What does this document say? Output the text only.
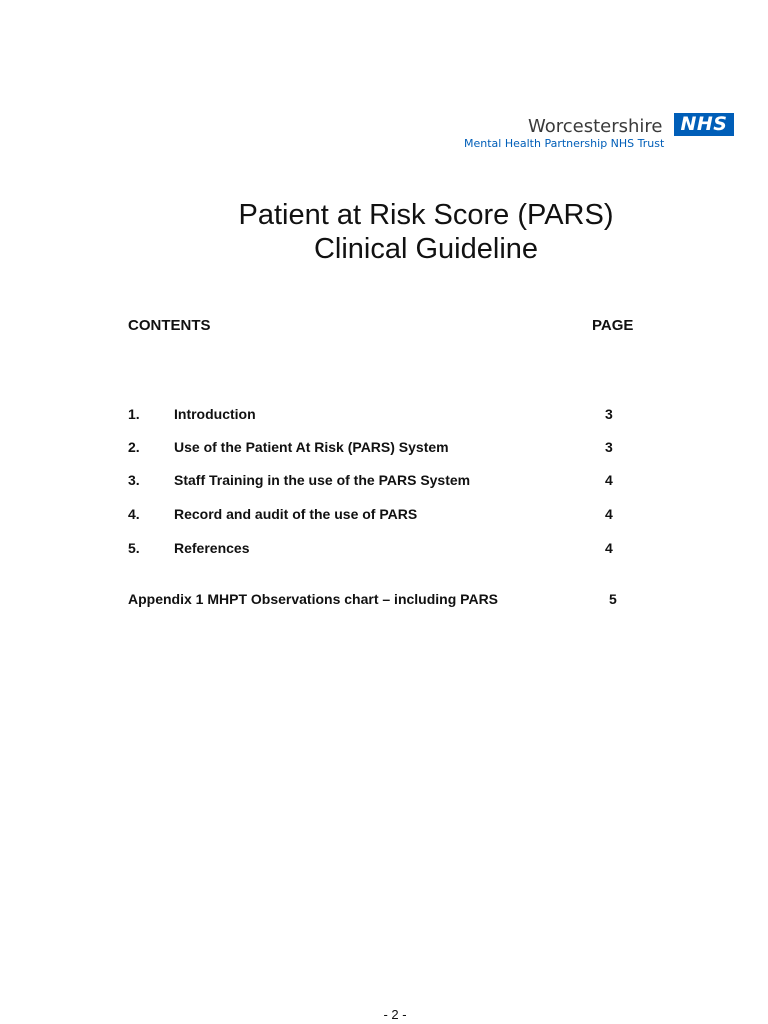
Worcestershire NHS
Mental Health Partnership NHS Trust
Patient at Risk Score (PARS)
Clinical Guideline
CONTENTS	PAGE
1. Introduction	3
2. Use of the Patient At Risk (PARS) System	3
3. Staff Training in the use of the PARS System	4
4. Record and audit of the use of PARS	4
5. References	4
Appendix 1 MHPT Observations chart – including PARS	5
- 2 -
